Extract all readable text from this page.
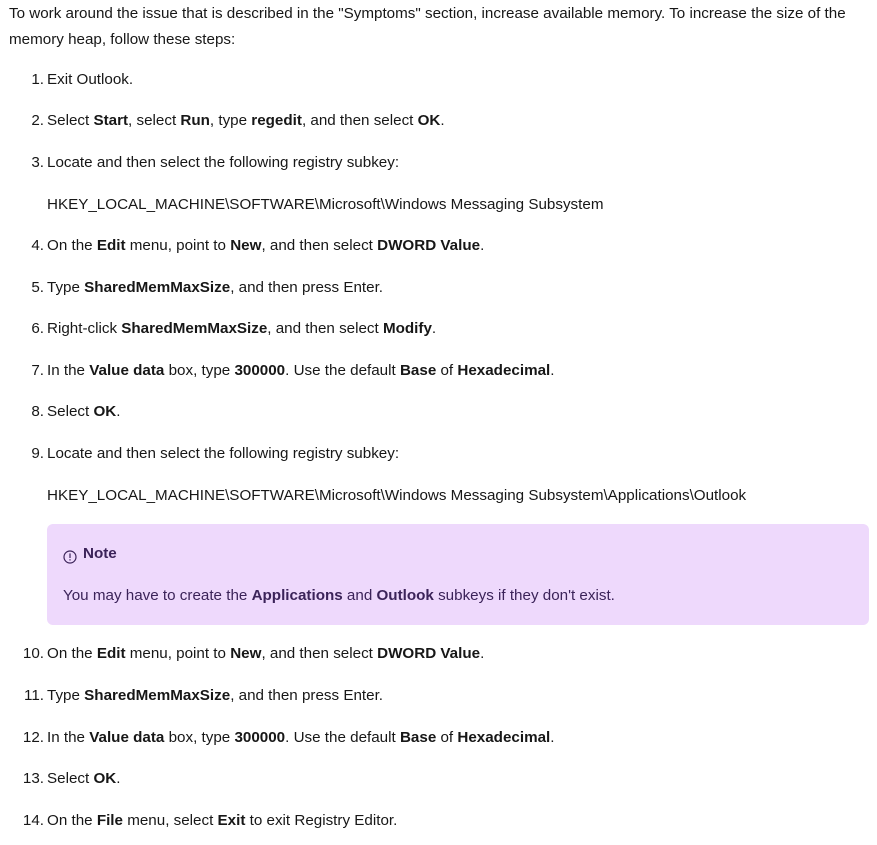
To work around the issue that is described in the "Symptoms" section, increase available memory. To increase the size of the memory heap, follow these steps:

1. Exit Outlook.
2. Select Start, select Run, type regedit, and then select OK.
3. Locate and then select the following registry subkey:
4. On the Edit menu, point to New, and then select DWORD Value.
5. Type SharedMemMaxSize, and then press Enter.
6. Right-click SharedMemMaxSize, and then select Modify.
7. In the Value data box, type 300000. Use the default Base of Hexadecimal.
8. Select OK.
9. Locate and then select the following registry subkey:
10. On the Edit menu, point to New, and then select DWORD Value.
11. Type SharedMemMaxSize, and then press Enter.
12. In the Value data box, type 300000. Use the default Base of Hexadecimal.
13. Select OK.
14. On the File menu, select Exit to exit Registry Editor.
HKEY_LOCAL_MACHINE\SOFTWARE\Microsoft\Windows Messaging Subsystem
HKEY_LOCAL_MACHINE\SOFTWARE\Microsoft\Windows Messaging Subsystem\Applications\Outlook
Note
You may have to create the Applications and Outlook subkeys if they don't exist.
